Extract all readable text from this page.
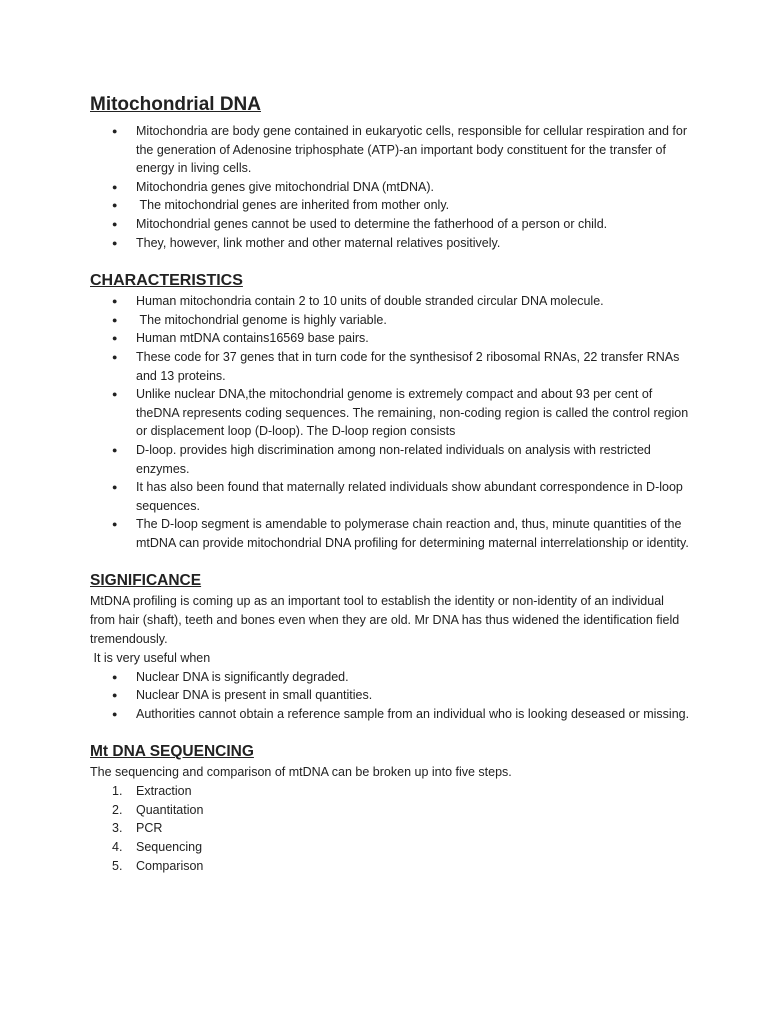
Mitochondrial DNA
● Mitochondria are body gene contained in eukaryotic cells, responsible for cellular respiration and for the generation of Adenosine triphosphate (ATP)-an important body constituent for the transfer of energy in living cells.
● Mitochondria genes give mitochondrial DNA (mtDNA).
●  The mitochondrial genes are inherited from mother only.
● Mitochondrial genes cannot be used to determine the fatherhood of a person or child.
● They, however, link mother and other maternal relatives positively.
CHARACTERISTICS
● Human mitochondria contain 2 to 10 units of double stranded circular DNA molecule.
●  The mitochondrial genome is highly variable.
● Human mtDNA contains16569 base pairs.
● These code for 37 genes that in turn code for the synthesisof 2 ribosomal RNAs, 22 transfer RNAs and 13 proteins.
● Unlike nuclear DNA,the mitochondrial genome is extremely compact and about 93 per cent of theDNA represents coding sequences. The remaining, non-coding region is called the control region or displacement loop (D-loop). The D-loop region consists
● D-loop. provides high discrimination among non-related individuals on analysis with restricted enzymes.
● It has also been found that maternally related individuals show abundant correspondence in D-loop sequences.
● The D-loop segment is amendable to polymerase chain reaction and, thus, minute quantities of the mtDNA can provide mitochondrial DNA profiling for determining maternal interrelationship or identity.
SIGNIFICANCE

MtDNA profiling is coming up as an important tool to establish the identity or non-identity of an individual from hair (shaft), teeth and bones even when they are old. Mr DNA has thus widened the identification field tremendously.

It is very useful when

● Nuclear DNA is significantly degraded.
● Nuclear DNA is present in small quantities.
● Authorities cannot obtain a reference sample from an individual who is looking deseased or missing.
Mt DNA SEQUENCING

The sequencing and comparison of mtDNA can be broken up into five steps.

1. Extraction
2. Quantitation
3. PCR
4. Sequencing
5. Comparison
